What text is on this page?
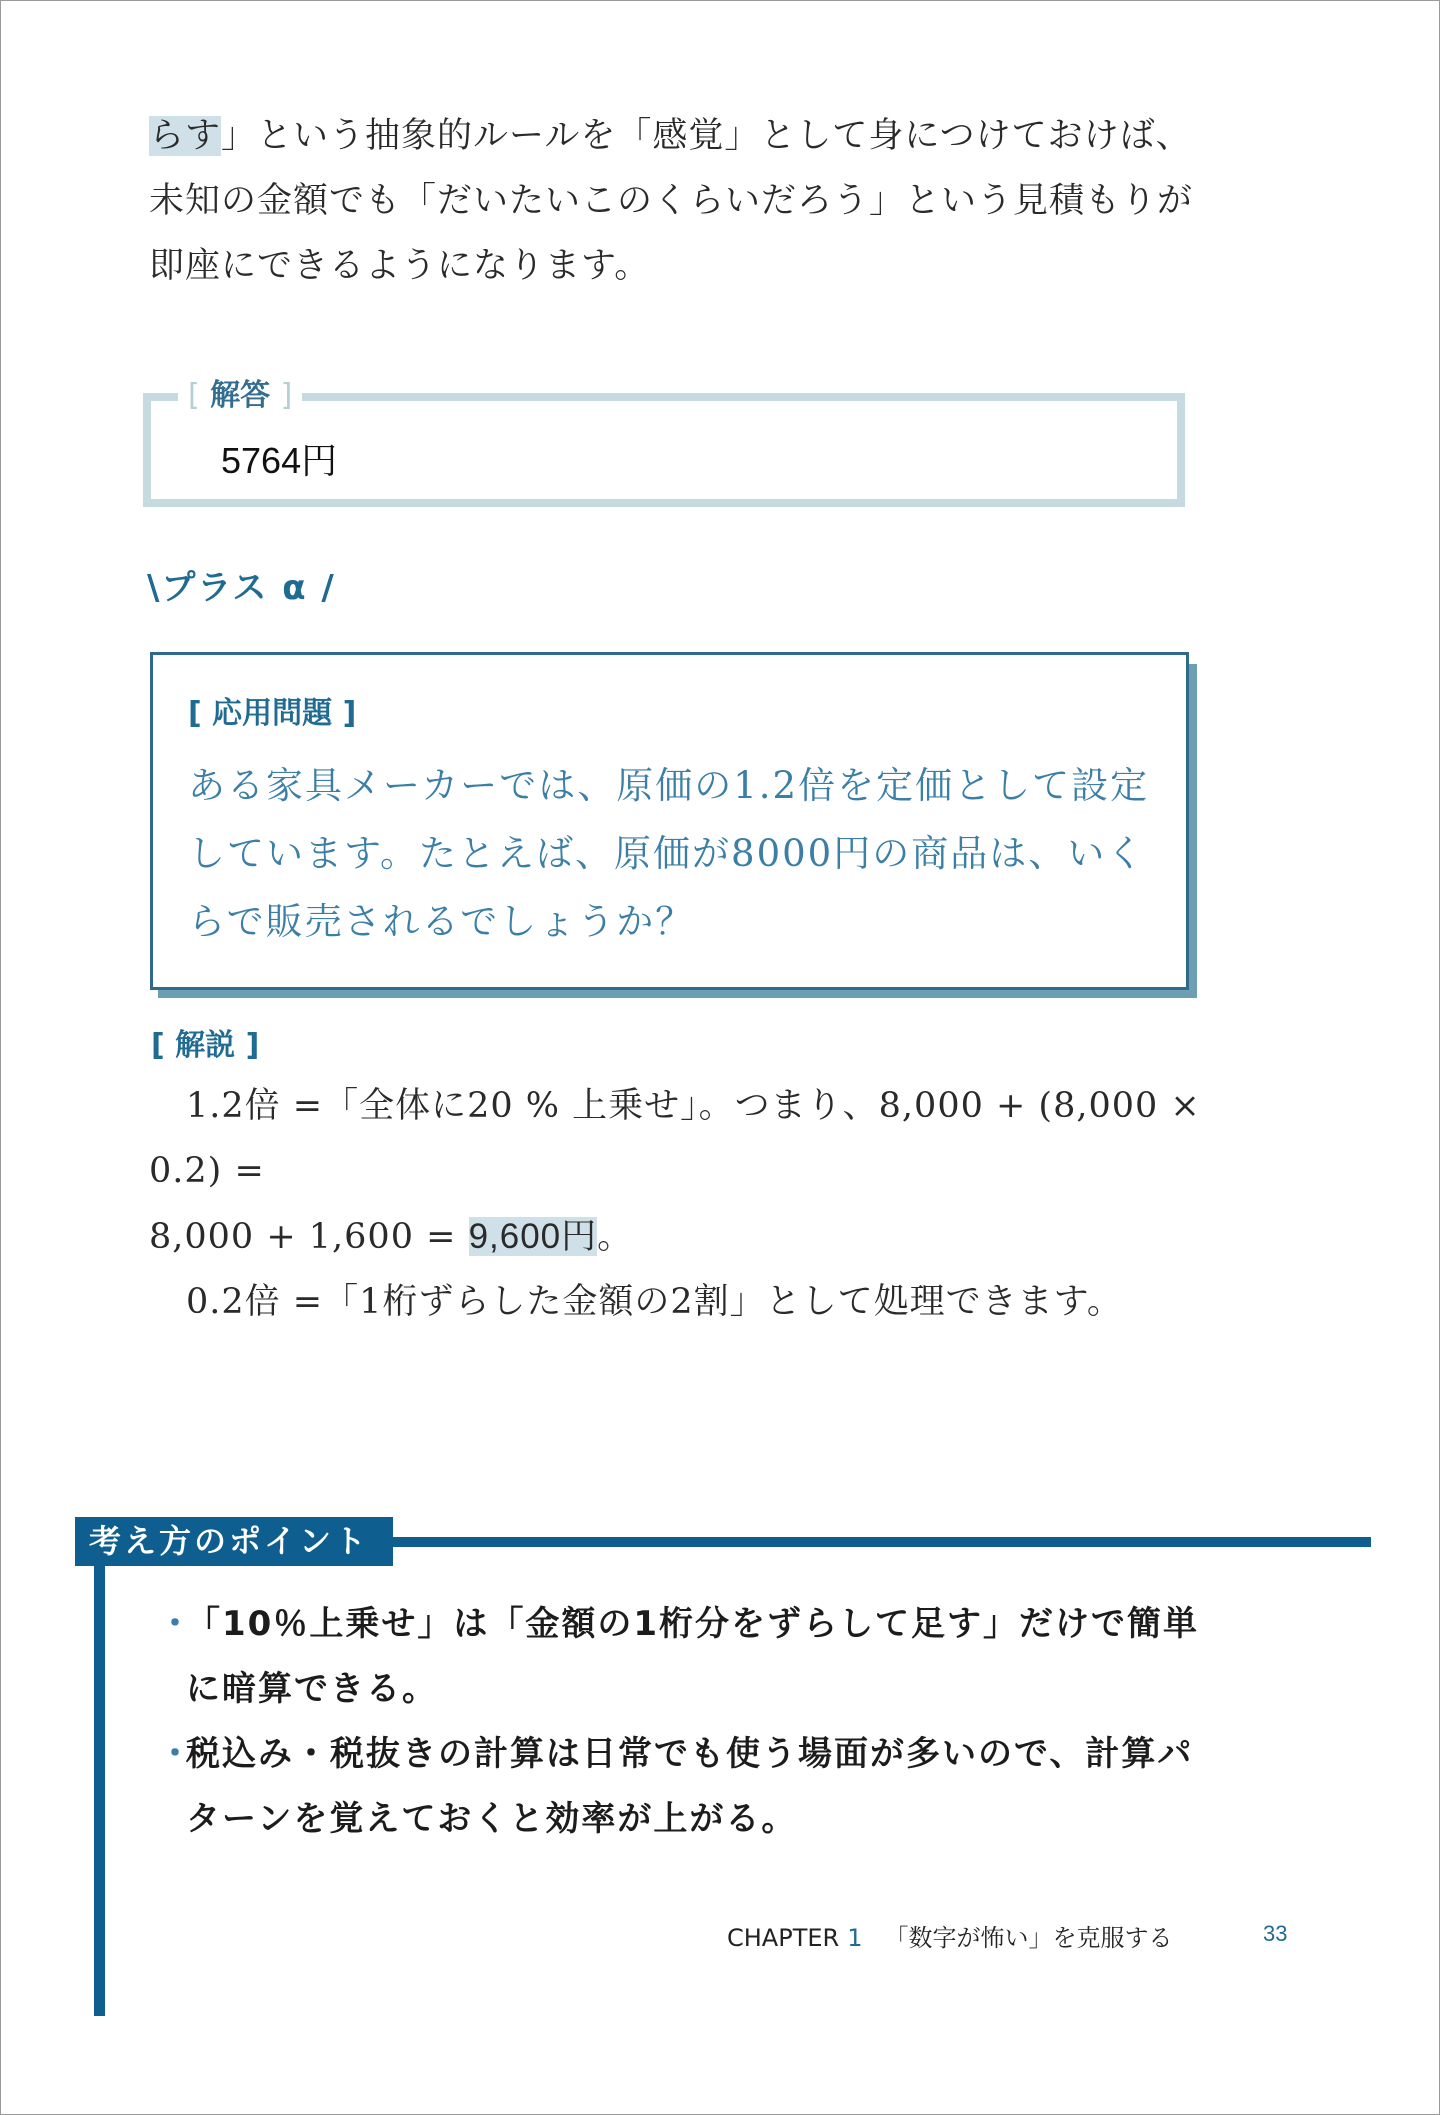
らす」という抽象的ルールを「感覚」として身につけておけば、
未知の金額でも「だいたいこのくらいだろう」という見積もりが
即座にできるようになります。
[ 解答 ]
5764円
\プラス α /
[ 応用問題 ]
ある家具メーカーでは、原価の1.2倍を定価として設定
しています。たとえば、原価が8000円の商品は、いく
らで販売されるでしょうか？
[ 解説 ]

1.2倍 =「全体に20 % 上乗せ」。つまり、8,000 + (8,000 × 0.2) =

8,000 + 1,600 = 9,600円。

0.2倍 =「1桁ずらした金額の2割」として処理できます。

考え方のポイント
・
「10％上乗せ」は「金額の1桁分をずらして足す」だけで簡単
に暗算できる。
・
税込み・税抜きの計算は日常でも使う場面が多いので、計算パ
ターンを覚えておくと効率が上がる。
CHAPTER 1 「数字が怖い」を克服する	33
